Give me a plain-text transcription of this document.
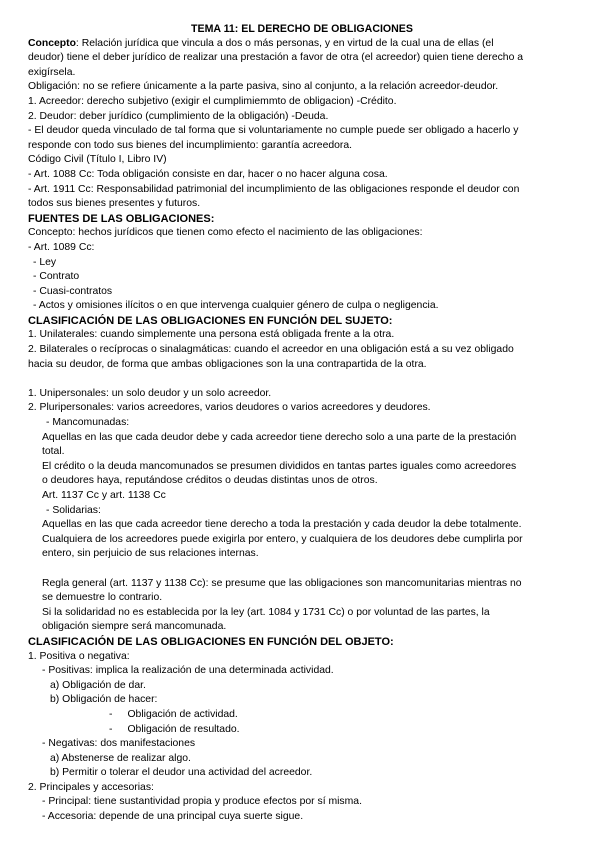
TEMA 11: EL DERECHO DE OBLIGACIONES
Concepto: Relación jurídica que vincula a dos o más personas, y en virtud de la cual una de ellas (el
deudor) tiene el deber jurídico de realizar una prestación a favor de otra (el acreedor) quien tiene derecho a
exigírsela.
Obligación: no se refiere únicamente a la parte pasiva, sino al conjunto, a la relación acreedor-deudor.
1. Acreedor: derecho subjetivo (exigir el cumplimiemmto de obligacion) -Crédito.
2. Deudor: deber jurídico (cumplimiento de la obligación) -Deuda.
- El deudor queda vinculado de tal forma que si voluntariamente no cumple puede ser obligado a hacerlo y
responde con todo sus bienes del incumplimiento: garantía acreedora.
Código Civil (Título I, Libro IV)
- Art. 1088 Cc: Toda obligación consiste en dar, hacer o no hacer alguna cosa.
- Art. 1911 Cc: Responsabilidad patrimonial del incumplimiento de las obligaciones responde el deudor con
todos sus bienes presentes y futuros.
FUENTES DE LAS OBLIGACIONES:
Concepto: hechos jurídicos que tienen como efecto el nacimiento de las obligaciones:
- Art. 1089 Cc:
- Ley
- Contrato
- Cuasi-contratos
- Actos y omisiones ilícitos o en que intervenga cualquier género de culpa o negligencia.
CLASIFICACIÓN DE LAS OBLIGACIONES EN FUNCIÓN DEL SUJETO:
1. Unilaterales: cuando simplemente una persona está obligada frente a la otra.
2. Bilaterales o recíprocas o sinalagmáticas: cuando el acreedor en una obligación está a su vez obligado
hacia su deudor, de forma que ambas obligaciones son la una contrapartida de la otra.
1. Unipersonales: un solo deudor y un solo acreedor.
2. Pluripersonales: varios acreedores, varios deudores o varios acreedores y deudores.
- Mancomunadas:
Aquellas en las que cada deudor debe y cada acreedor tiene derecho solo a una parte de la prestación
total.
El crédito o la deuda mancomunados se presumen divididos en tantas partes iguales como acreedores
o deudores haya, reputándose créditos o deudas distintas unos de otros.
Art. 1137 Cc y art. 1138 Cc
- Solidarias:
Aquellas en las que cada acreedor tiene derecho a toda la prestación y cada deudor la debe totalmente.
Cualquiera de los acreedores puede exigirla por entero, y cualquiera de los deudores debe cumplirla por
entero, sin perjuicio de sus relaciones internas.
Regla general (art. 1137 y 1138 Cc): se presume que las obligaciones son mancomunitarias mientras no
se demuestre lo contrario.
Si la solidaridad no es establecida por la ley (art. 1084 y 1731 Cc) o por voluntad de las partes, la
obligación siempre será mancomunada.
CLASIFICACIÓN DE LAS OBLIGACIONES EN FUNCIÓN DEL OBJETO:
1. Positiva o negativa:
- Positivas: implica la realización de una determinada actividad.
a) Obligación de dar.
b) Obligación de hacer:
- Obligación de actividad.
- Obligación de resultado.
- Negativas: dos manifestaciones
a) Abstenerse de realizar algo.
b) Permitir o tolerar el deudor una actividad del acreedor.
2. Principales y accesorias:
- Principal: tiene sustantividad propia y produce efectos por sí misma.
- Accesoria: depende de una principal cuya suerte sigue.
